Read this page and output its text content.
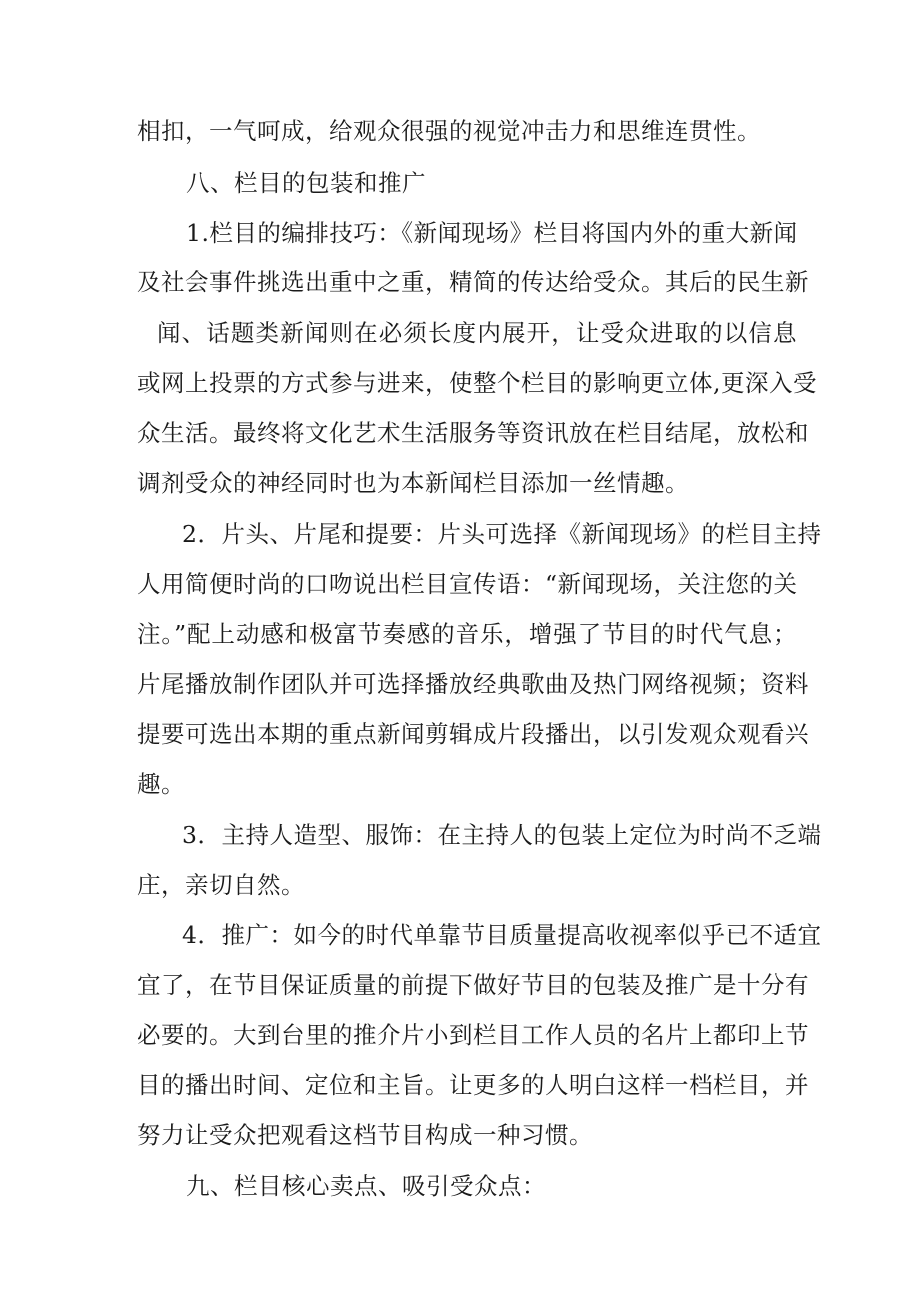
相扣，一气呵成，给观众很强的视觉冲击力和思维连贯性。
八、栏目的包装和推广
1.栏目的编排技巧：《新闻现场》栏目将国内外的重大新闻
及社会事件挑选出重中之重，精简的传达给受众。其后的民生新
闻、话题类新闻则在必须长度内展开，让受众进取的以信息
或网上投票的方式参与进来，使整个栏目的影响更立体,更深入受
众生活。最终将文化艺术生活服务等资讯放在栏目结尾，放松和
调剂受众的神经同时也为本新闻栏目添加一丝情趣。
2．片头、片尾和提要：片头可选择《新闻现场》的栏目主持
人用简便时尚的口吻说出栏目宣传语：“新闻现场，关注您的关
注。”配上动感和极富节奏感的音乐，增强了节目的时代气息；
片尾播放制作团队并可选择播放经典歌曲及热门网络视频；资料
提要可选出本期的重点新闻剪辑成片段播出，以引发观众观看兴
趣。
3．主持人造型、服饰：在主持人的包装上定位为时尚不乏端
庄，亲切自然。
4．推广：如今的时代单靠节目质量提高收视率似乎已不适宜
宜了，在节目保证质量的前提下做好节目的包装及推广是十分有
必要的。大到台里的推介片小到栏目工作人员的名片上都印上节
目的播出时间、定位和主旨。让更多的人明白这样一档栏目，并
努力让受众把观看这档节目构成一种习惯。
九、栏目核心卖点、吸引受众点：
